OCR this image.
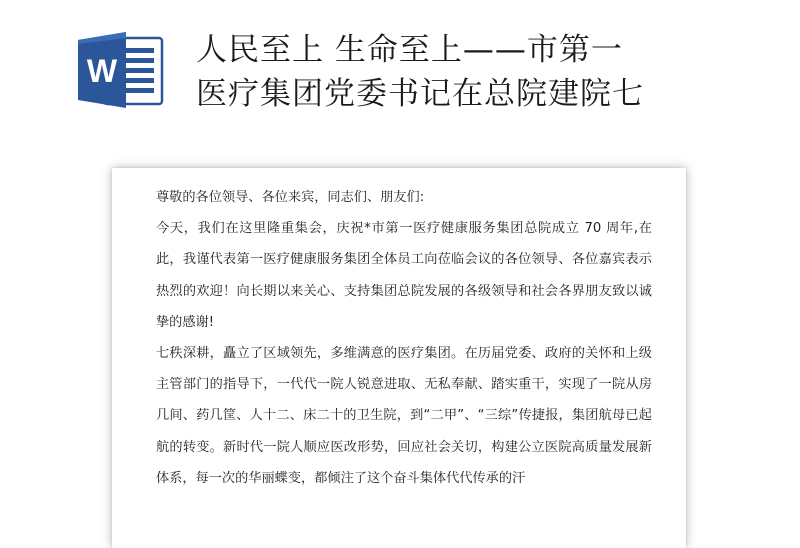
W
人民至上 生命至上——市第一
医疗集团党委书记在总院建院七

尊敬的各位领导、各位来宾，同志们、朋友们:

今天，我们在这里隆重集会，庆祝*市第一医疗健康服务集团总院成立 70 周年,在此，我谨代表第一医疗健康服务集团全体员工向莅临会议的各位领导、各位嘉宾表示热烈的欢迎！向长期以来关心、支持集团总院发展的各级领导和社会各界朋友致以诚挚的感谢!

七秩深耕，矗立了区域领先，多维满意的医疗集团。在历届党委、政府的关怀和上级主管部门的指导下，一代代一院人锐意进取、无私奉献、踏实重干，实现了一院从房几间、药几筐、人十二、床二十的卫生院，到“二甲”、“三综”传捷报，集团航母已起航的转变。新时代一院人顺应医改形势，回应社会关切，构建公立医院高质量发展新体系，每一次的华丽蝶变，都倾注了这个奋斗集体代代传承的汗
